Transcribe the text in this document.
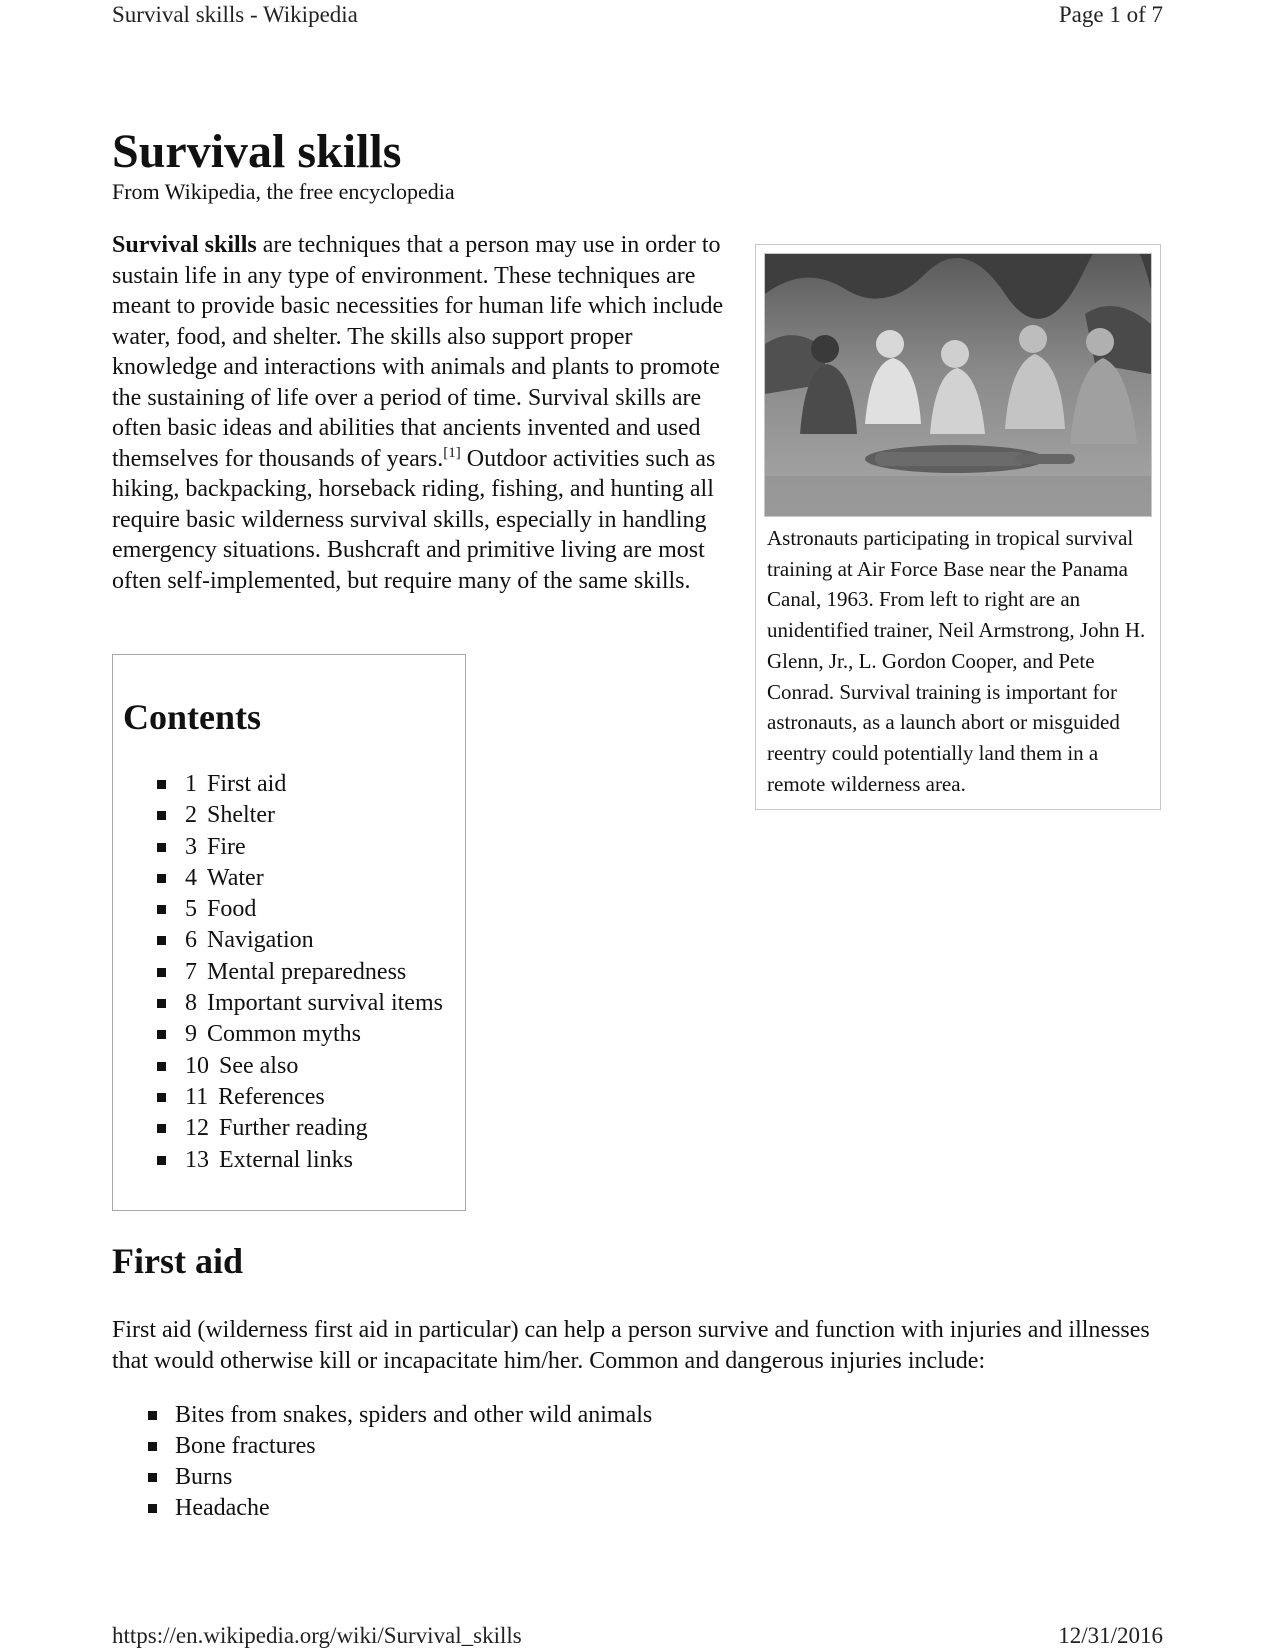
Survival skills - Wikipedia	Page 1 of 7
Survival skills
From Wikipedia, the free encyclopedia

Survival skills are techniques that a person may use in order to sustain life in any type of environment. These techniques are meant to provide basic necessities for human life which include water, food, and shelter. The skills also support proper knowledge and interactions with animals and plants to promote the sustaining of life over a period of time. Survival skills are often basic ideas and abilities that ancients invented and used themselves for thousands of years.[1] Outdoor activities such as hiking, backpacking, horseback riding, fishing, and hunting all require basic wilderness survival skills, especially in handling emergency situations. Bushcraft and primitive living are most often self-implemented, but require many of the same skills.

Astronauts participating in tropical survival training at Air Force Base near the Panama Canal, 1963. From left to right are an unidentified trainer, Neil Armstrong, John H. Glenn, Jr., L. Gordon Cooper, and Pete Conrad. Survival training is important for astronauts, as a launch abort or misguided reentry could potentially land them in a remote wilderness area.

Contents
1 First aid
2 Shelter
3 Fire
4 Water
5 Food
6 Navigation
7 Mental preparedness
8 Important survival items
9 Common myths
10 See also
11 References
12 Further reading
13 External links
First aid

First aid (wilderness first aid in particular) can help a person survive and function with injuries and illnesses that would otherwise kill or incapacitate him/her. Common and dangerous injuries include:

Bites from snakes, spiders and other wild animals
Bone fractures
Burns
Headache
https://en.wikipedia.org/wiki/Survival_skills	12/31/2016
